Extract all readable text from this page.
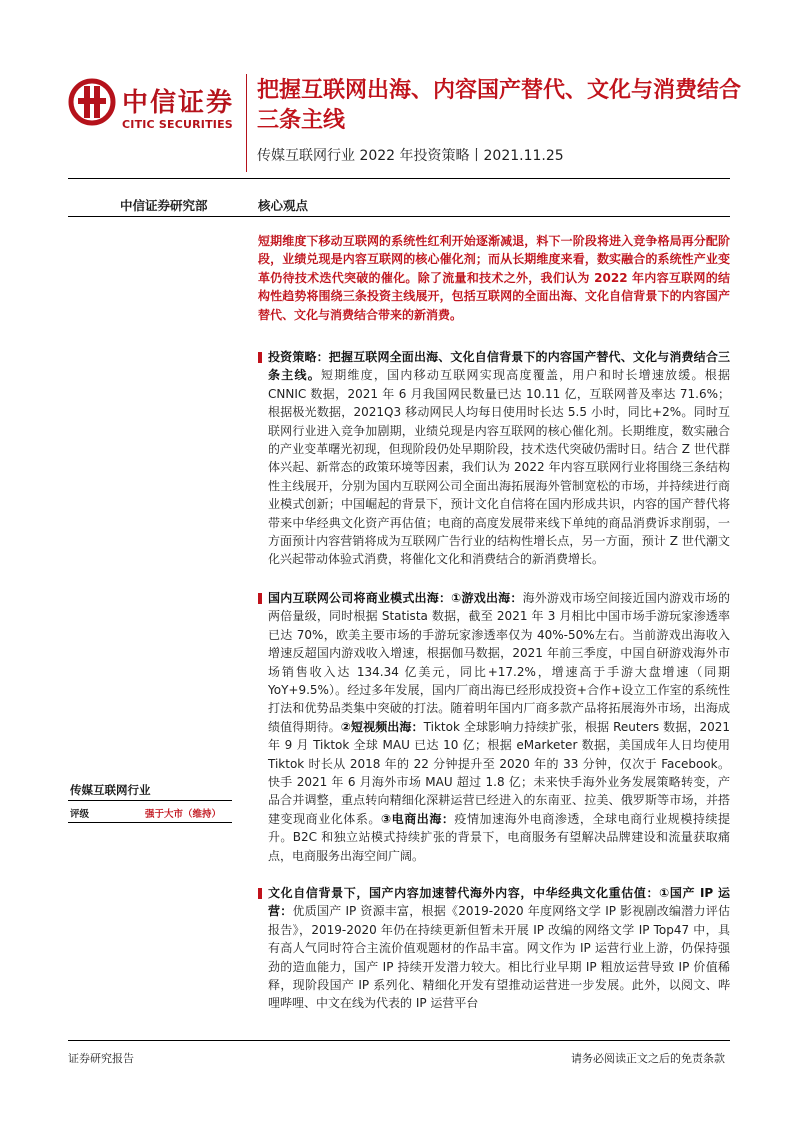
中信证券
CITIC SECURITIES
把握互联网出海、内容国产替代、文化与消费结合三条主线
传媒互联网行业 2022 年投资策略丨2021.11.25
中信证券研究部	核心观点
短期维度下移动互联网的系统性红利开始逐渐减退，料下一阶段将进入竞争格局再分配阶段，业绩兑现是内容互联网的核心催化剂；而从长期维度来看，数实融合的系统性产业变革仍待技术迭代突破的催化。除了流量和技术之外，我们认为 2022 年内容互联网的结构性趋势将围绕三条投资主线展开，包括互联网的全面出海、文化自信背景下的内容国产替代、文化与消费结合带来的新消费。

投资策略：把握互联网全面出海、文化自信背景下的内容国产替代、文化与消费结合三条主线。短期维度，国内移动互联网实现高度覆盖，用户和时长增速放缓。根据 CNNIC 数据，2021 年 6 月我国网民数量已达 10.11 亿，互联网普及率达 71.6%；根据极光数据，2021Q3 移动网民人均每日使用时长达 5.5 小时，同比+2%。同时互联网行业进入竞争加剧期，业绩兑现是内容互联网的核心催化剂。长期维度，数实融合的产业变革曙光初现，但现阶段仍处早期阶段，技术迭代突破仍需时日。结合 Z 世代群体兴起、新常态的政策环境等因素，我们认为 2022 年内容互联网行业将围绕三条结构性主线展开，分别为国内互联网公司全面出海拓展海外管制宽松的市场，并持续进行商业模式创新；中国崛起的背景下，预计文化自信将在国内形成共识，内容的国产替代将带来中华经典文化资产再估值；电商的高度发展带来线下单纯的商品消费诉求削弱，一方面预计内容营销将成为互联网广告行业的结构性增长点，另一方面，预计 Z 世代潮文化兴起带动体验式消费，将催化文化和消费结合的新消费增长。

国内互联网公司将商业模式出海：①游戏出海：海外游戏市场空间接近国内游戏市场的两倍量级，同时根据 Statista 数据，截至 2021 年 3 月相比中国市场手游玩家渗透率已达 70%，欧美主要市场的手游玩家渗透率仅为 40%-50%左右。当前游戏出海收入增速反超国内游戏收入增速，根据伽马数据，2021 年前三季度，中国自研游戏海外市场销售收入达 134.34 亿美元，同比+17.2%，增速高于手游大盘增速（同期 YoY+9.5%）。经过多年发展，国内厂商出海已经形成投资+合作+设立工作室的系统性打法和优势品类集中突破的打法。随着明年国内厂商多款产品将拓展海外市场，出海成绩值得期待。②短视频出海：Tiktok 全球影响力持续扩张，根据 Reuters 数据，2021 年 9 月 Tiktok 全球 MAU 已达 10 亿；根据 eMarketer 数据，美国成年人日均使用 Tiktok 时长从 2018 年的 22 分钟提升至 2020 年的 33 分钟，仅次于 Facebook。快手 2021 年 6 月海外市场 MAU 超过 1.8 亿；未来快手海外业务发展策略转变，产品合并调整，重点转向精细化深耕运营已经进入的东南亚、拉美、俄罗斯等市场，并搭建变现商业化体系。③电商出海：疫情加速海外电商渗透，全球电商行业规模持续提升。B2C 和独立站模式持续扩张的背景下，电商服务有望解决品牌建设和流量获取痛点，电商服务出海空间广阔。

文化自信背景下，国产内容加速替代海外内容，中华经典文化重估值：①国产 IP 运营：优质国产 IP 资源丰富，根据《2019-2020 年度网络文学 IP 影视剧改编潜力评估报告》，2019-2020 年仍在持续更新但暂未开展 IP 改编的网络文学 IP Top47 中，具有高人气同时符合主流价值观题材的作品丰富。网文作为 IP 运营行业上游，仍保持强劲的造血能力，国产 IP 持续开发潜力较大。相比行业早期 IP 粗放运营导致 IP 价值稀释，现阶段国产 IP 系列化、精细化开发有望推动运营进一步发展。此外，以阅文、哔哩哔哩、中文在线为代表的 IP 运营平台

传媒互联网行业
评级	强于大市（维持）
证券研究报告	请务必阅读正文之后的免责条款
